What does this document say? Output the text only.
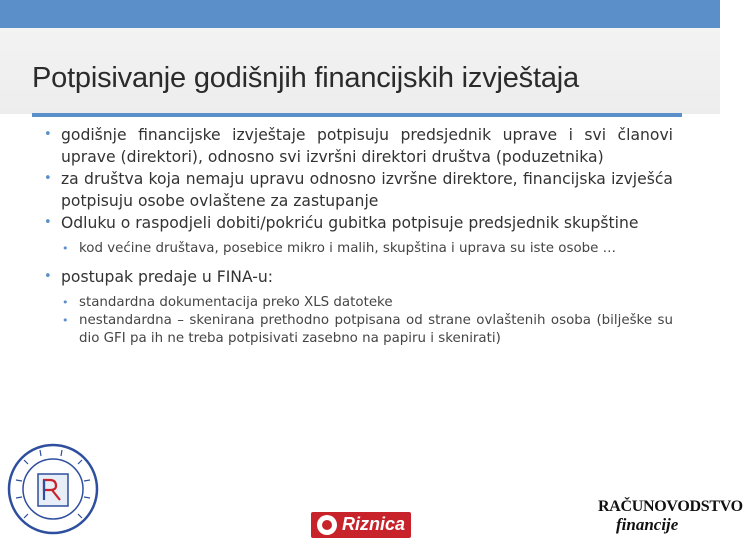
Potpisivanje godišnjih financijskih izvještaja
• godišnje financijske izvještaje potpisuju predsjednik uprave i svi članovi uprave (direktori), odnosno svi izvršni direktori društva (poduzetnika)
• za društva koja nemaju upravu odnosno izvršne direktore, financijska izvješća potpisuju osobe ovlaštene za zastupanje
• Odluku o raspodjeli dobiti/pokriću gubitka potpisuje predsjednik skupštine
• kod većine društava, posebice mikro i malih, skupština i uprava su iste osobe …
• postupak predaje u FINA-u:
• standardna dokumentacija preko XLS datoteke
• nestandardna – skenirana prethodno potpisana od strane ovlaštenih osoba (bilješke su dio GFI pa ih ne treba potpisivati zasebno na papiru i skenirati)
Riznica
RAČUNOVODSTVO
financije
